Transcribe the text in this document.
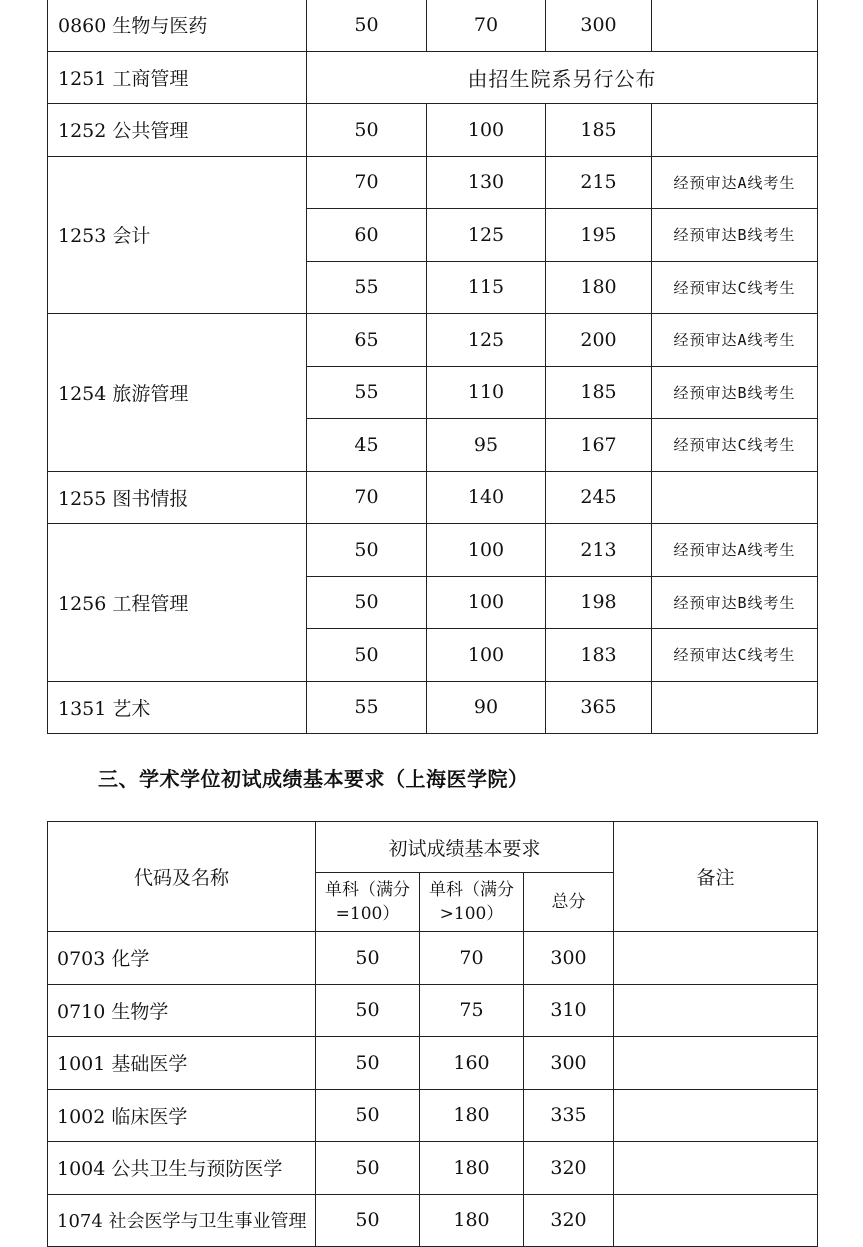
0860 生物与医药	50	70	300	
1251 工商管理	由招生院系另行公布			
1252 公共管理	50	100	185	
1253 会计	70	130	215	经预审达A线考生
	60	125	195	经预审达B线考生
	55	115	180	经预审达C线考生
1254 旅游管理	65	125	200	经预审达A线考生
	55	110	185	经预审达B线考生
	45	95	167	经预审达C线考生
1255 图书情报	70	140	245	
1256 工程管理	50	100	213	经预审达A线考生
	50	100	198	经预审达B线考生
	50	100	183	经预审达C线考生
1351 艺术	55	90	365	
三、学术学位初试成绩基本要求（上海医学院）
代码及名称	初试成绩基本要求			备注
	单科（满分=100）	单科（满分>100）	总分	
0703 化学	50	70	300	
0710 生物学	50	75	310	
1001 基础医学	50	160	300	
1002 临床医学	50	180	335	
1004 公共卫生与预防医学	50	180	320	
1074 社会医学与卫生事业管理	50	180	320	
